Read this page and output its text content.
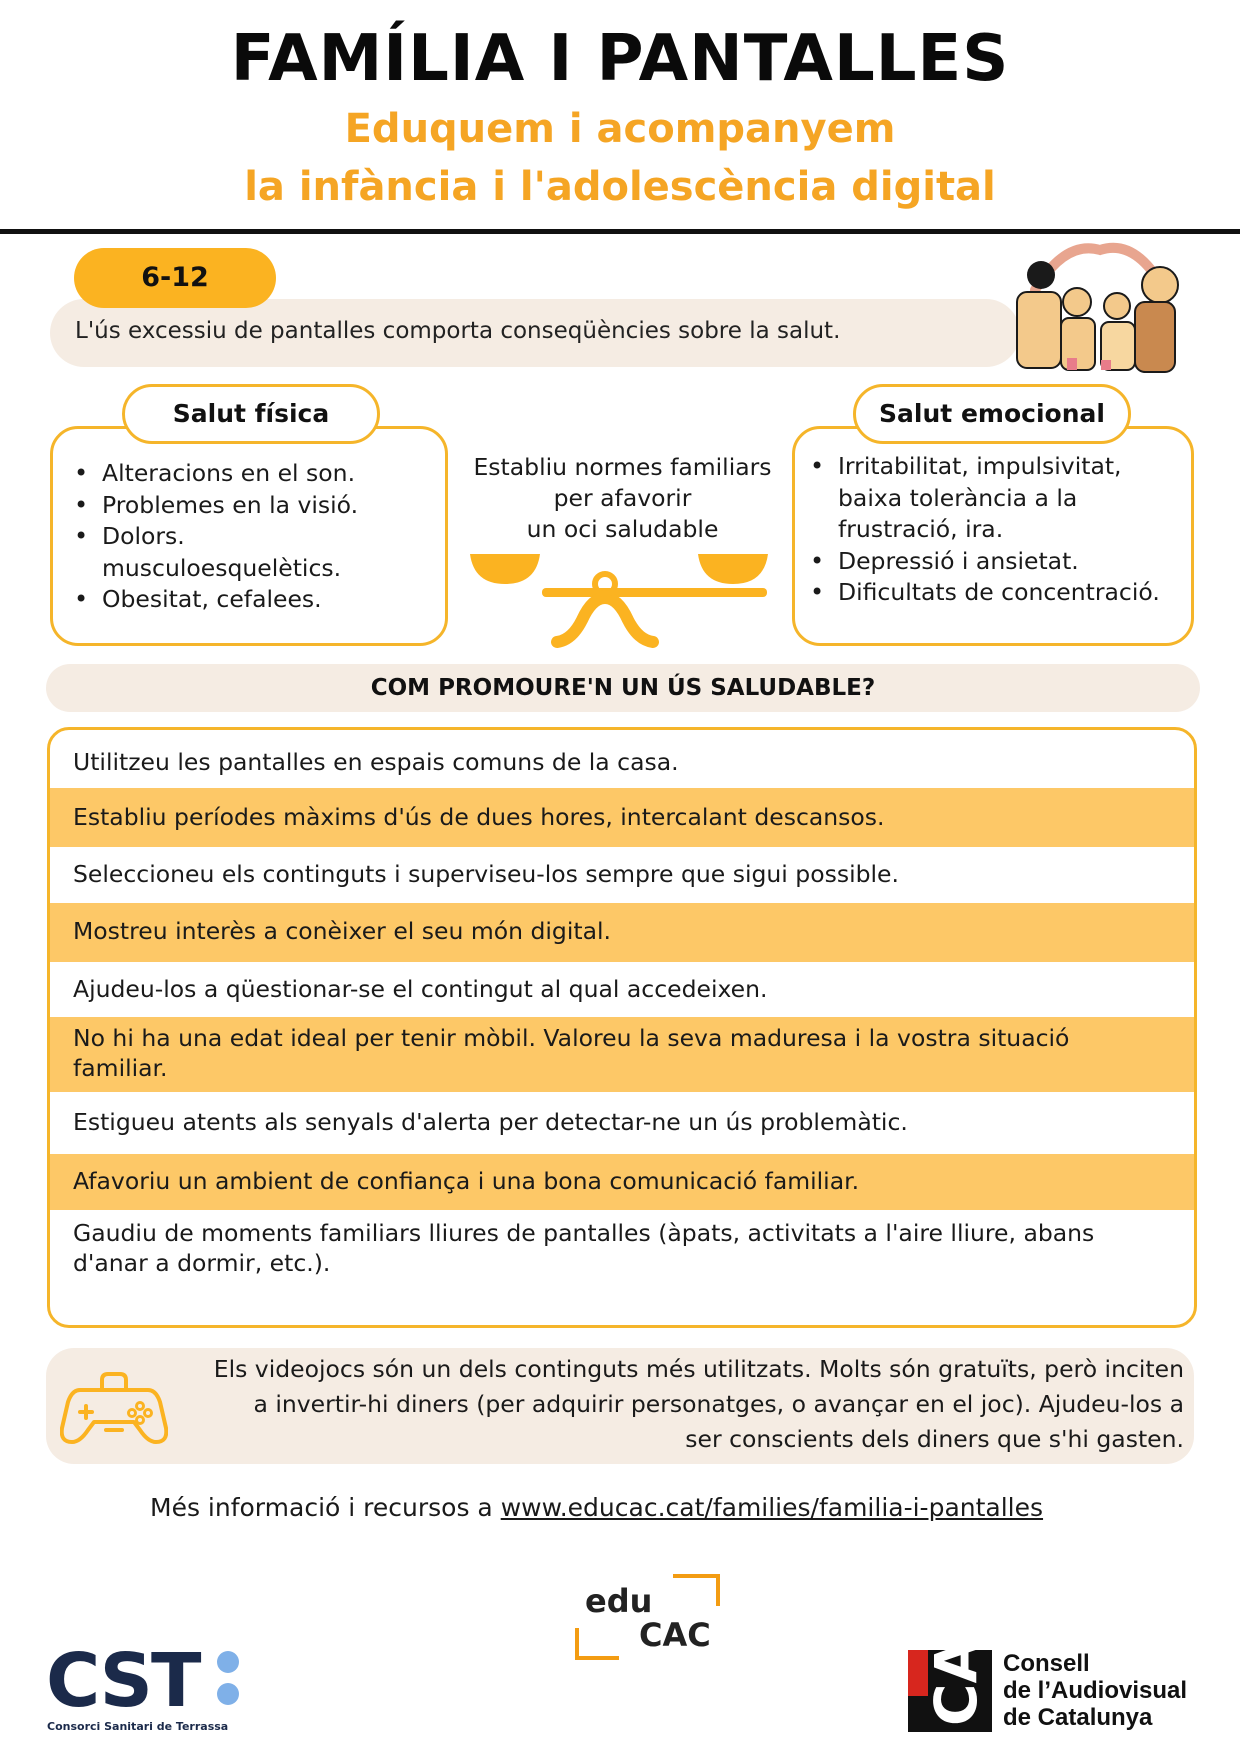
FAMÍLIA I PANTALLES
Eduquem i acompanyem
la infància i l'adolescència digital
6-12
L'ús excessiu de pantalles comporta conseqüències sobre la salut.
Salut física
• Alteracions en el son.
• Problemes en la visió.
• Dolors.
musculoesquelètics.
• Obesitat, cefalees.
Establiu normes familiars
per afavorir
un oci saludable
Salut emocional
• Irritabilitat, impulsivitat, baixa tolerància a la frustració, ira.
• Depressió i ansietat.
• Dificultats de concentració.
COM PROMOURE'N UN ÚS SALUDABLE?
Utilitzeu les pantalles en espais comuns de la casa.
Establiu períodes màxims d'ús de dues hores, intercalant descansos.
Seleccioneu els continguts i superviseu-los sempre que sigui possible.
Mostreu interès a conèixer el seu món digital.
Ajudeu-los a qüestionar-se el contingut al qual accedeixen.
No hi ha una edat ideal per tenir mòbil. Valoreu la seva maduresa i la vostra situació familiar.
Estigueu atents als senyals d'alerta per detectar-ne un ús problemàtic.
Afavoriu un ambient de confiança i una bona comunicació familiar.
Gaudiu de moments familiars lliures de pantalles (àpats, activitats a l'aire lliure, abans d'anar a dormir, etc.).
Els videojocs són un dels continguts més utilitzats. Molts són gratuïts, però inciten
a invertir-hi diners (per adquirir personatges, o avançar en el joc). Ajudeu-los a
ser conscients dels diners que s'hi gasten.
Més informació i recursos a www.educac.cat/families/familia-i-pantalles
edu
CAC
CST
Consorci Sanitari de Terrassa
CAC Consell
de l’Audiovisual
de Catalunya
